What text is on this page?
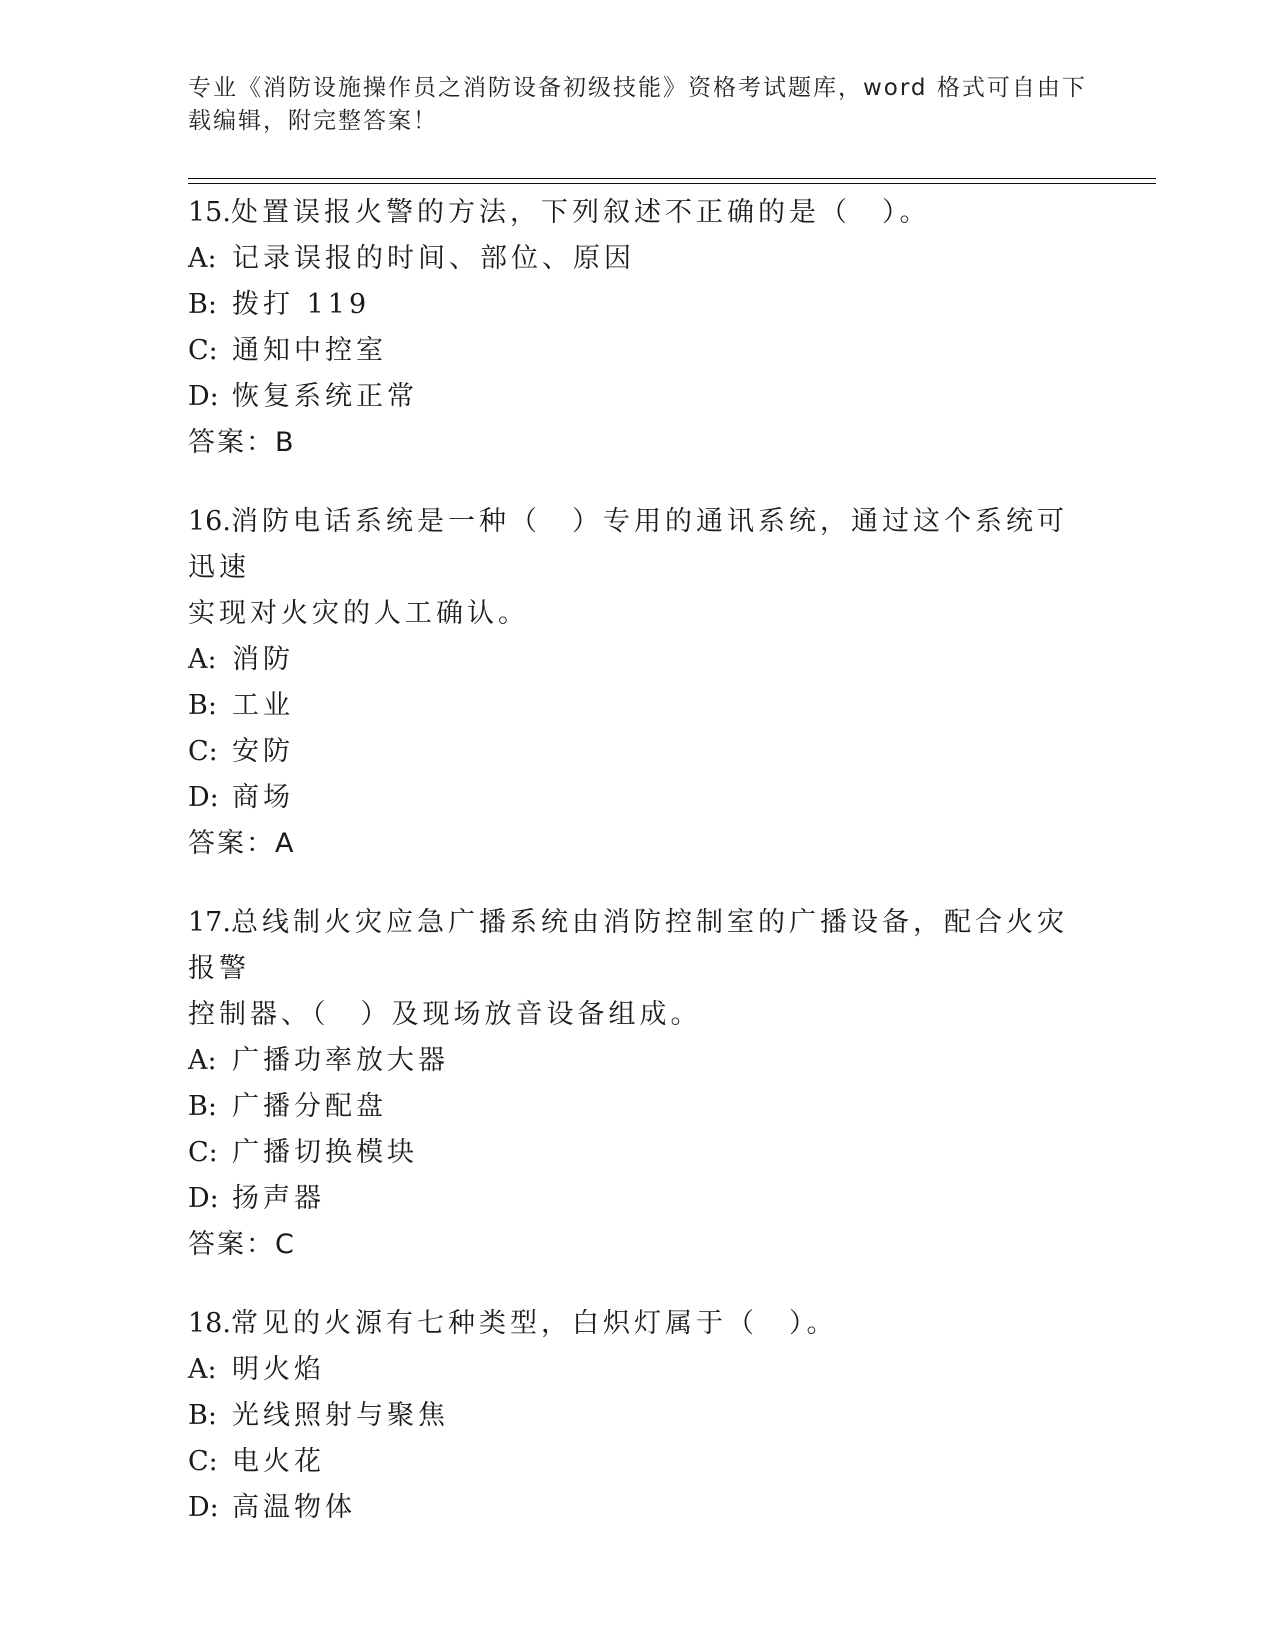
专业《消防设施操作员之消防设备初级技能》资格考试题库，word 格式可自由下
载编辑，附完整答案！
15.处置误报火警的方法，下列叙述不正确的是（　）。
A: 记录误报的时间、部位、原因
B: 拨打 119
C: 通知中控室
D: 恢复系统正常
答案：B
16.消防电话系统是一种（　）专用的通讯系统，通过这个系统可迅速
实现对火灾的人工确认。
A: 消防
B: 工业
C: 安防
D: 商场
答案：A
17.总线制火灾应急广播系统由消防控制室的广播设备，配合火灾报警
控制器、（　）及现场放音设备组成。
A: 广播功率放大器
B: 广播分配盘
C: 广播切换模块
D: 扬声器
答案：C
18.常见的火源有七种类型，白炽灯属于（　）。
A: 明火焰
B: 光线照射与聚焦
C: 电火花
D: 高温物体
